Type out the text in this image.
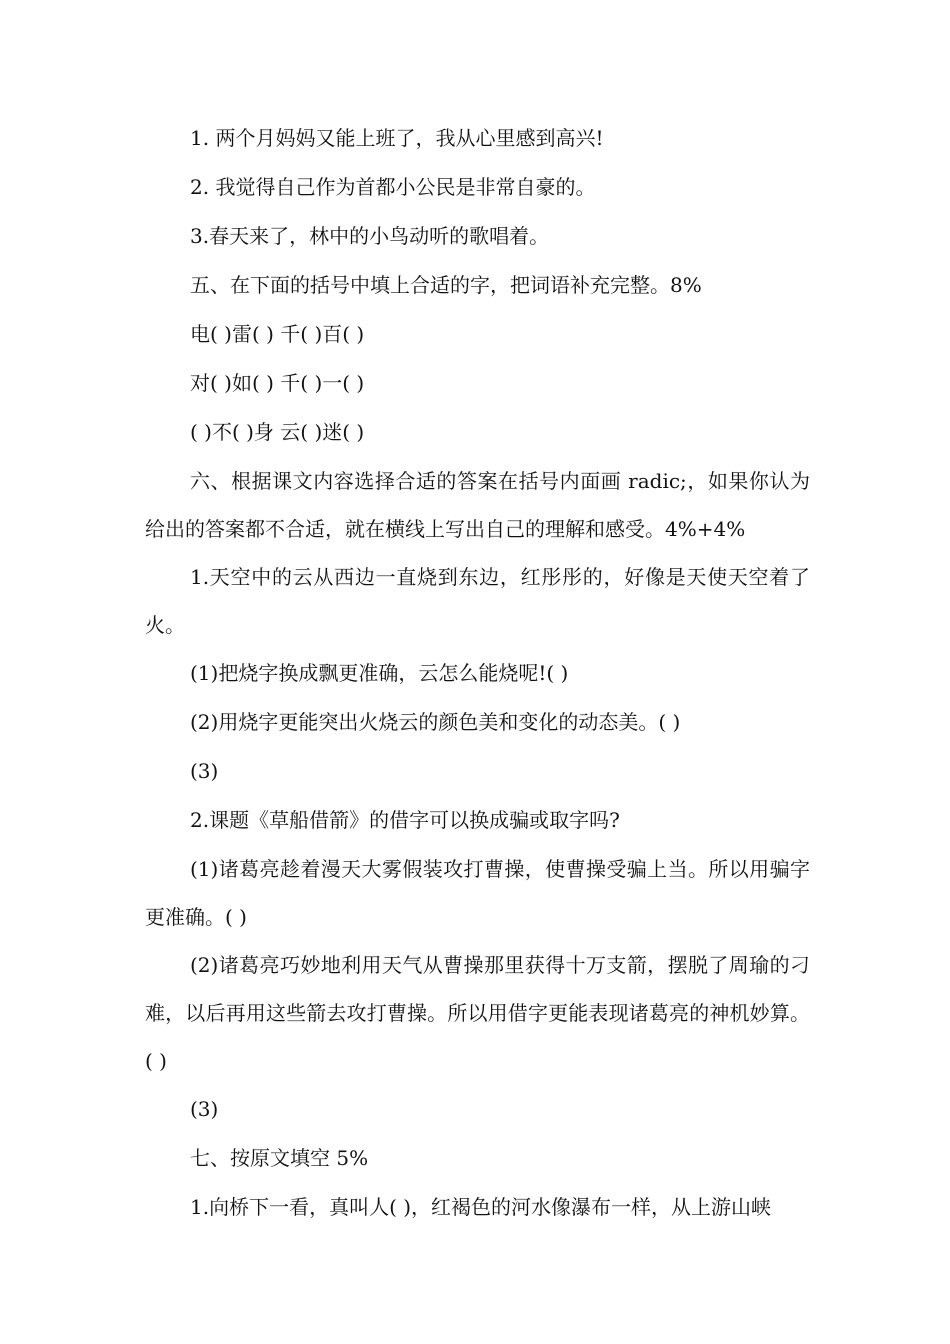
1. 两个月妈妈又能上班了，我从心里感到高兴!
2. 我觉得自己作为首都小公民是非常自豪的。
3.春天来了，林中的小鸟动听的歌唱着。
五、在下面的括号中填上合适的字，把词语补充完整。8%
电( )雷( ) 千( )百( )
对( )如( ) 千( )一( )
( )不( )身 云( )迷( )
六、根据课文内容选择合适的答案在括号内面画 radic;，如果你认为给出的答案都不合适，就在横线上写出自己的理解和感受。4%+4%
1.天空中的云从西边一直烧到东边，红彤彤的，好像是天使天空着了火。
(1)把烧字换成飘更准确，云怎么能烧呢!( )
(2)用烧字更能突出火烧云的颜色美和变化的动态美。( )
(3)
2.课题《草船借箭》的借字可以换成骗或取字吗?
(1)诸葛亮趁着漫天大雾假装攻打曹操，使曹操受骗上当。所以用骗字更准确。( )
(2)诸葛亮巧妙地利用天气从曹操那里获得十万支箭，摆脱了周瑜的刁难，以后再用这些箭去攻打曹操。所以用借字更能表现诸葛亮的神机妙算。( )
(3)
七、按原文填空 5%
1.向桥下一看，真叫人( )，红褐色的河水像瀑布一样，从上游山峡
